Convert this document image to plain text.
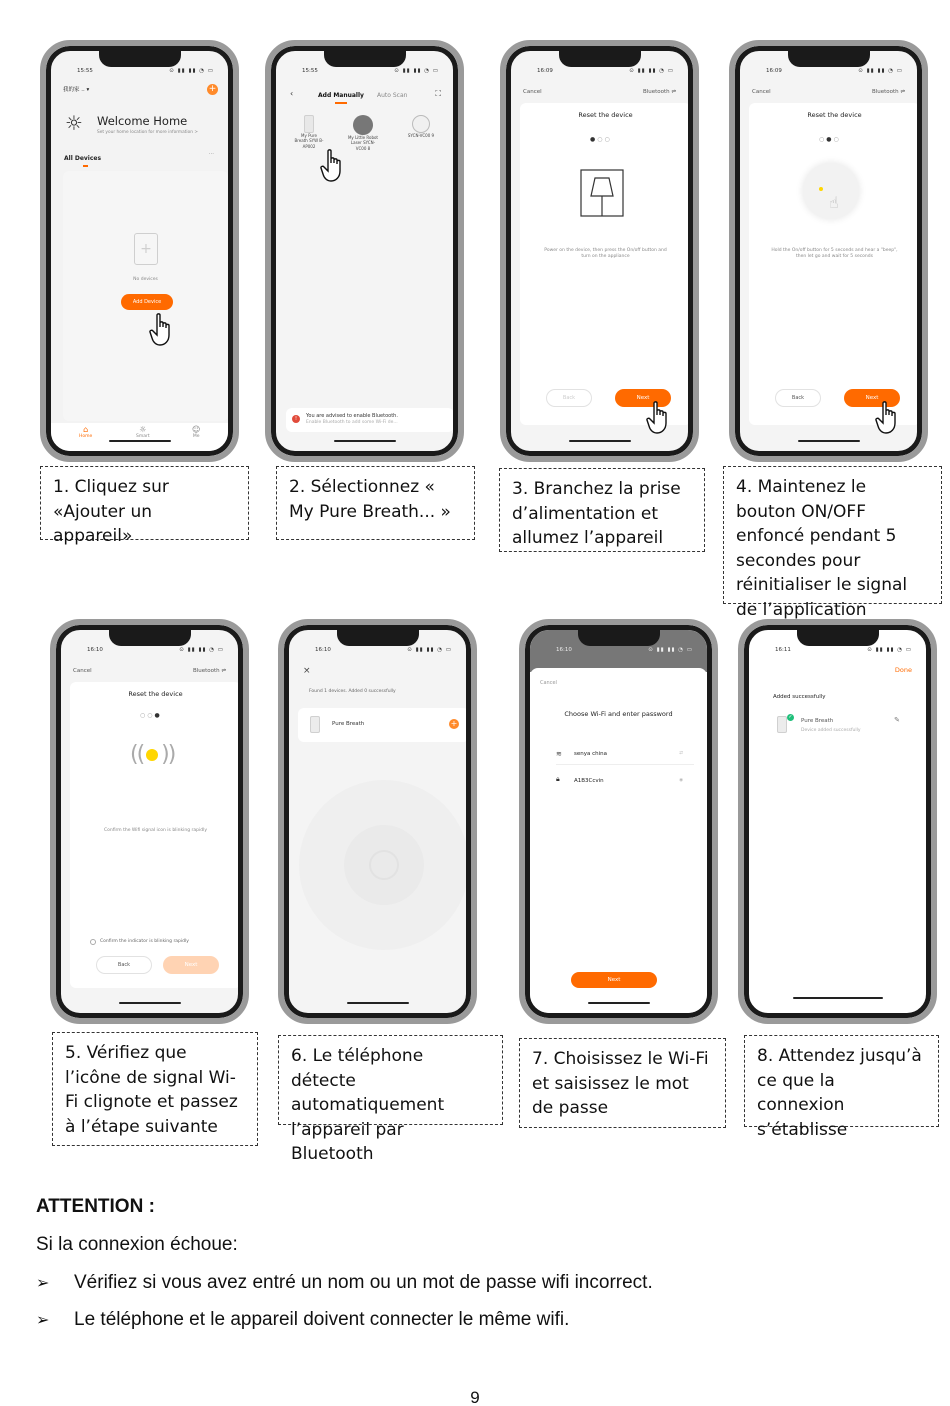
15:55	⊙ ▮▮ ▮▮ ◔ ▭
我的家 .. ▾	+
☼ Welcome Home
Set your home location for more information >
All Devices
···
+
No devices
Add Device
⌂
Home
☼
Smart
☺
Me
1. Cliquez sur «Ajouter un appareil»
15:55	⊙ ▮▮ ▮▮ ◔ ▭
‹	Add Manually Auto Scan	⛶
My Pure Breath SYW B-AP002
My Little Robot Laser SYCN-VC00 8
SYCN-VC00 9
!	You are advised to enable Bluetooth.
Enable Bluetooth to add some Wi-Fi de...
2. Sélectionnez « My Pure Breath... »
16:09	⊙ ▮▮ ▮▮ ◔ ▭
Cancel	Bluetooth ⇌
Reset the device
●○○
Power on the device, then press the On/off button and turn on the appliance
Back	Next
3. Branchez la prise d’alimentation et allumez l’appareil
16:09	⊙ ▮▮ ▮▮ ◔ ▭
Cancel	Bluetooth ⇌
Reset the device
○●○
☝
Hold the On/off button for 5 seconds and hear a "beep", then let go and wait for 5 seconds
Back	Next
4. Maintenez le bouton ON/OFF enfoncé pendant 5 secondes pour réinitialiser le signal de l’application
16:10	⊙ ▮▮ ▮▮ ◔ ▭
Cancel	Bluetooth ⇌
Reset the device
○○●
(( ))
Confirm the Wifi signal icon is blinking rapidly
Confirm the indicator is blinking rapidly
Back	Next
5. Vérifiez que l’icône de signal Wi-Fi clignote et passez à l’étape suivante
16:10	⊙ ▮▮ ▮▮ ◔ ▭
×
Found 1 devices. Added 0 successfully
Pure Breath	+
6. Le téléphone détecte automatiquement l’appareil par Bluetooth
16:10	⊙ ▮▮ ▮▮ ◔ ▭
Cancel
Choose Wi-Fi and enter password
≋ senya china	⇄
🔒︎	A1B3Ccvin	◉
Next
7. Choisissez le Wi-Fi et saisissez le mot de passe
16:11	⊙ ▮▮ ▮▮ ◔ ▭
Done
Added successfully
✓
Pure Breath
Device added successfully
✎
8. Attendez jusqu’à ce que la connexion s’établisse
ATTENTION :
Si la connexion échoue:
➢	Vérifiez si vous avez entré un nom ou un mot de passe wifi incorrect.
➢	Le téléphone et le appareil doivent connecter le même wifi.
9
